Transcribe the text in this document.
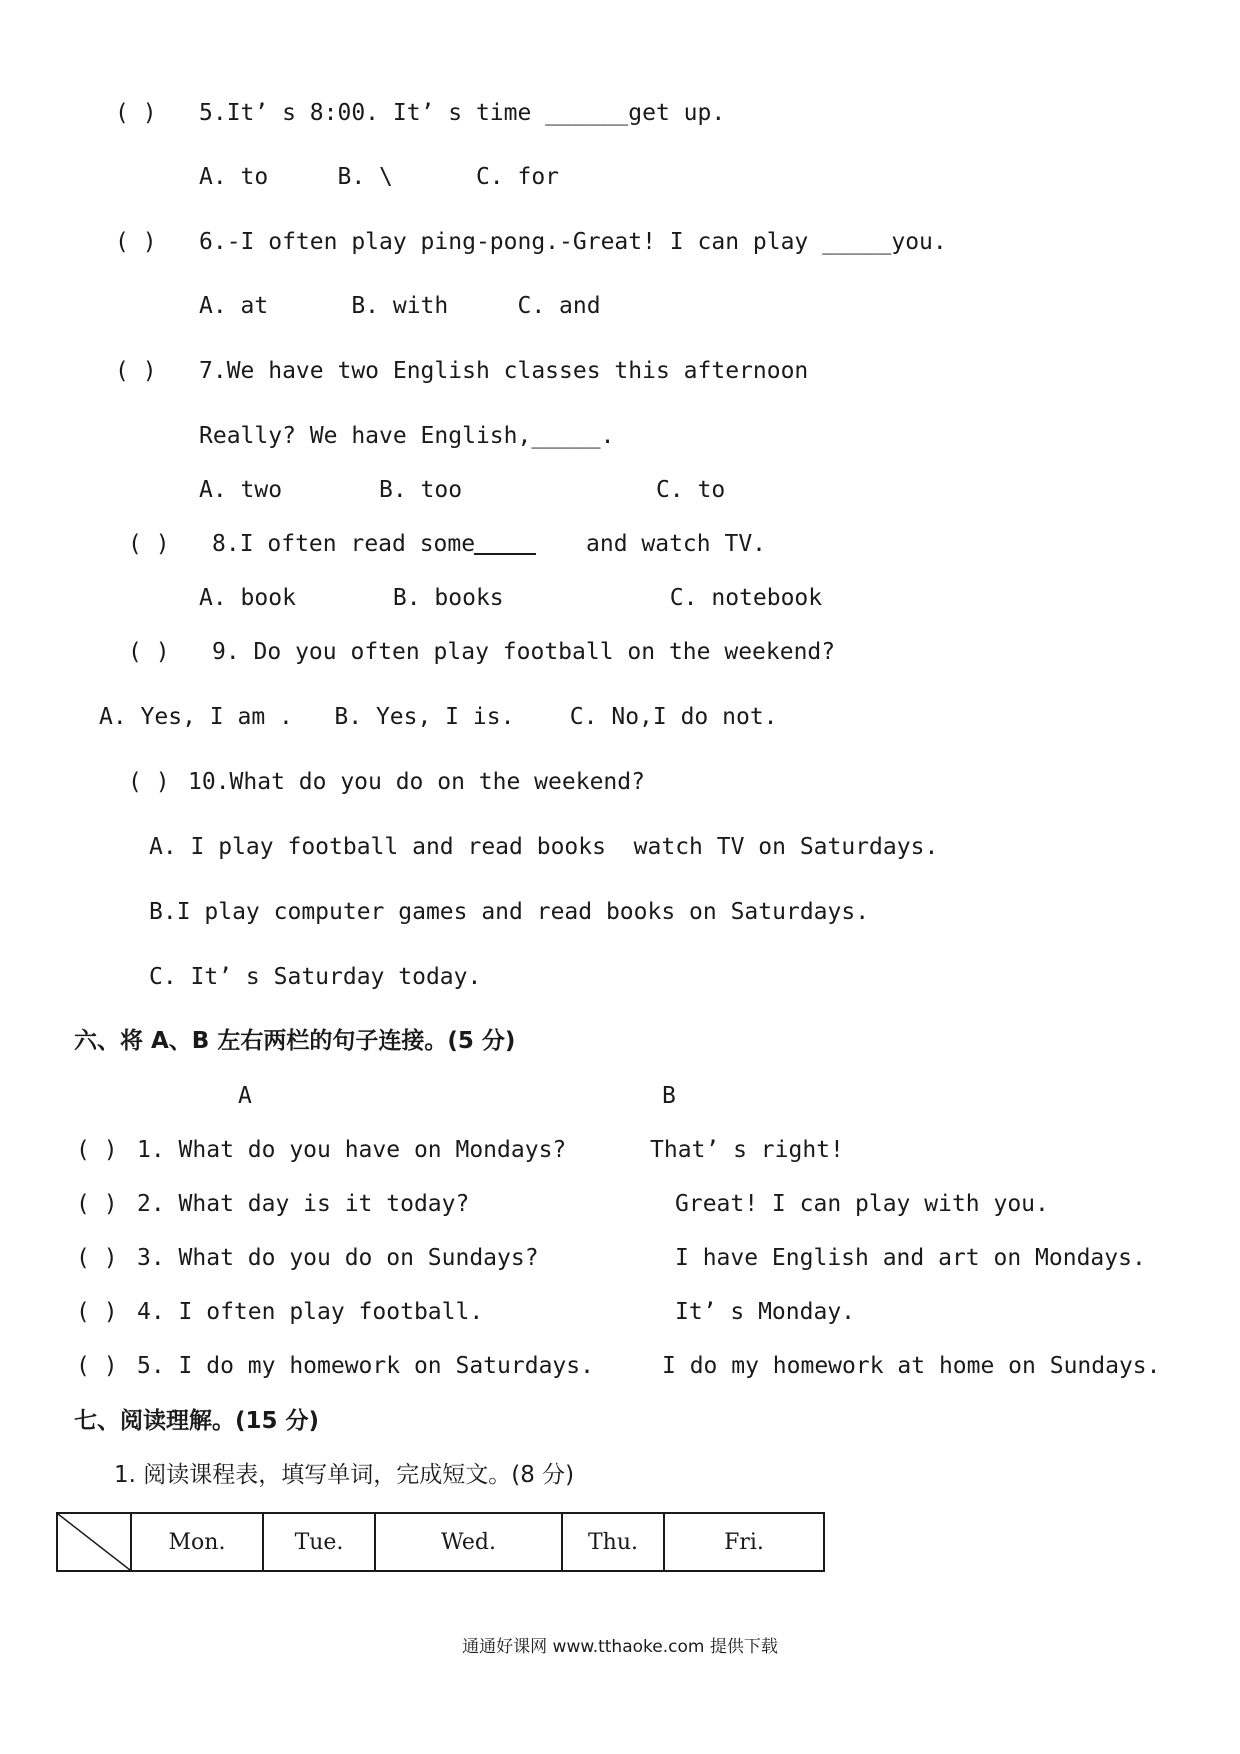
( ) 5.It’ s 8:00. It’ s time ______get up.
A. to     B. \      C. for
( ) 6.-I often play ping-pong.-Great! I can play _____you.
A. at      B. with     C. and
( ) 7.We have two English classes this afternoon
Really? We have English,_____.
A. two       B. too              C. to
( ) 8.I often read some	and watch TV.
A. book       B. books            C. notebook
( ) 9. Do you often play football on the weekend?
A. Yes, I am .   B. Yes, I is.    C. No,I do not.
( ) 10.What do you do on the weekend?
A. I play football and read books  watch TV on Saturdays.
B.I play computer games and read books on Saturdays.
C. It’ s Saturday today.
六、将 A、B 左右两栏的句子连接。(5 分)
A	B
( ) 1. What do you have on Mondays?	That’ s right!
( ) 2. What day is it today?	Great! I can play with you.
( ) 3. What do you do on Sundays?	I have English and art on Mondays.
( ) 4. I often play football.	It’ s Monday.
( ) 5. I do my homework on Saturdays.	I do my homework at home on Sundays.
七、阅读理解。(15 分)
1. 阅读课程表，填写单词，完成短文。(8 分)
	Mon.	Tue.	Wed.	Thu.	Fri.
通通好课网 www.tthaoke.com 提供下载
